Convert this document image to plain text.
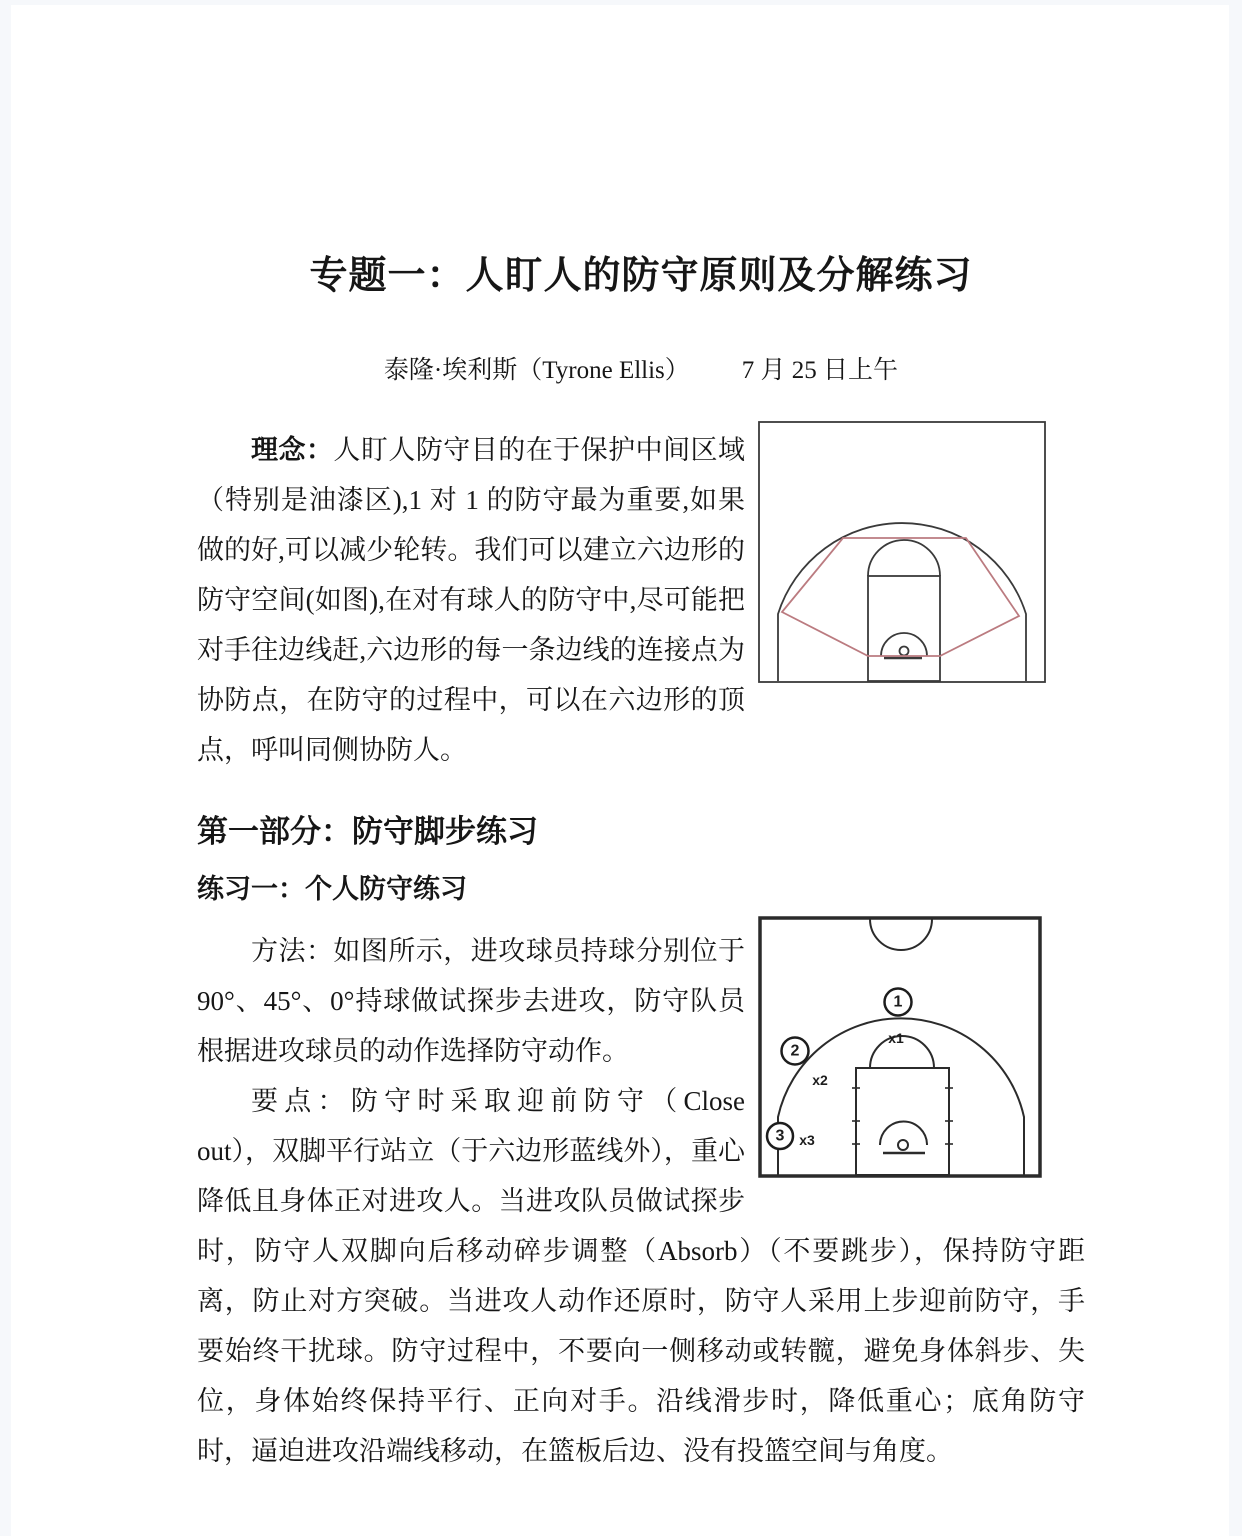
专题一：人盯人的防守原则及分解练习
泰隆·埃利斯（Tyrone Ellis） 7 月 25 日上午

理念：人盯人防守目的在于保护中间区域（特别是油漆区),1 对 1 的防守最为重要,如果做的好,可以减少轮转。我们可以建立六边形的防守空间(如图),在对有球人的防守中,尽可能把对手往边线赶,六边形的每一条边线的连接点为协防点，在防守的过程中，可以在六边形的顶点，呼叫同侧协防人。

第一部分：防守脚步练习
练习一：个人防守练习
1
2
3
x1
x2
x3

方法：如图所示，进攻球员持球分别位于 90°、45°、0°持球做试探步去进攻，防守队员根据进攻球员的动作选择防守动作。

要点：防守时采取迎前防守（Close out），双脚平行站立（于六边形蓝线外），重心降低且身体正对进攻人。当进攻队员做试探步时，防守人双脚向后移动碎步调整（Absorb）（不要跳步），保持防守距离，防止对方突破。当进攻人动作还原时，防守人采用上步迎前防守，手要始终干扰球。防守过程中，不要向一侧移动或转髋，避免身体斜步、失位，身体始终保持平行、正向对手。沿线滑步时，降低重心；底角防守时，逼迫进攻沿端线移动，在篮板后边、没有投篮空间与角度。
